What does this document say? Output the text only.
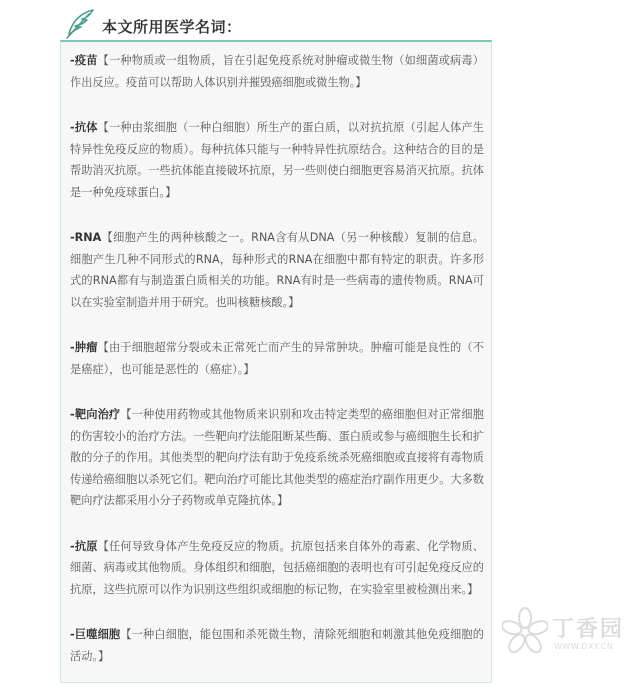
本文所用医学名词：

-疫苗【一种物质或一组物质，旨在引起免疫系统对肿瘤或微生物（如细菌或病毒）作出反应。疫苗可以帮助人体识别并摧毁癌细胞或微生物。】

-抗体【一种由浆细胞（一种白细胞）所生产的蛋白质，以对抗抗原（引起人体产生特异性免疫反应的物质）。每种抗体只能与一种特异性抗原结合。这种结合的目的是帮助消灭抗原。一些抗体能直接破坏抗原，另一些则使白细胞更容易消灭抗原。抗体是一种免疫球蛋白。】

-RNA【细胞产生的两种核酸之一。RNA含有从DNA（另一种核酸）复制的信息。细胞产生几种不同形式的RNA，每种形式的RNA在细胞中都有特定的职责。许多形式的RNA都有与制造蛋白质相关的功能。RNA有时是一些病毒的遗传物质。RNA可以在实验室制造并用于研究。也叫核糖核酸。】

-肿瘤【由于细胞超常分裂或未正常死亡而产生的异常肿块。肿瘤可能是良性的（不是癌症），也可能是恶性的（癌症）。】

-靶向治疗【一种使用药物或其他物质来识别和攻击特定类型的癌细胞但对正常细胞的伤害较小的治疗方法。一些靶向疗法能阻断某些酶、蛋白质或参与癌细胞生长和扩散的分子的作用。其他类型的靶向疗法有助于免疫系统杀死癌细胞或直接将有毒物质传递给癌细胞以杀死它们。靶向治疗可能比其他类型的癌症治疗副作用更少。大多数靶向疗法都采用小分子药物或单克隆抗体。】

-抗原【任何导致身体产生免疫反应的物质。抗原包括来自体外的毒素、化学物质、细菌、病毒或其他物质。身体组织和细胞，包括癌细胞的表明也有可引起免疫反应的抗原，这些抗原可以作为识别这些组织或细胞的标记物，在实验室里被检测出来。】

-巨噬细胞【一种白细胞，能包围和杀死微生物，清除死细胞和刺激其他免疫细胞的活动。】

丁香园
WWW.DXY.CN
